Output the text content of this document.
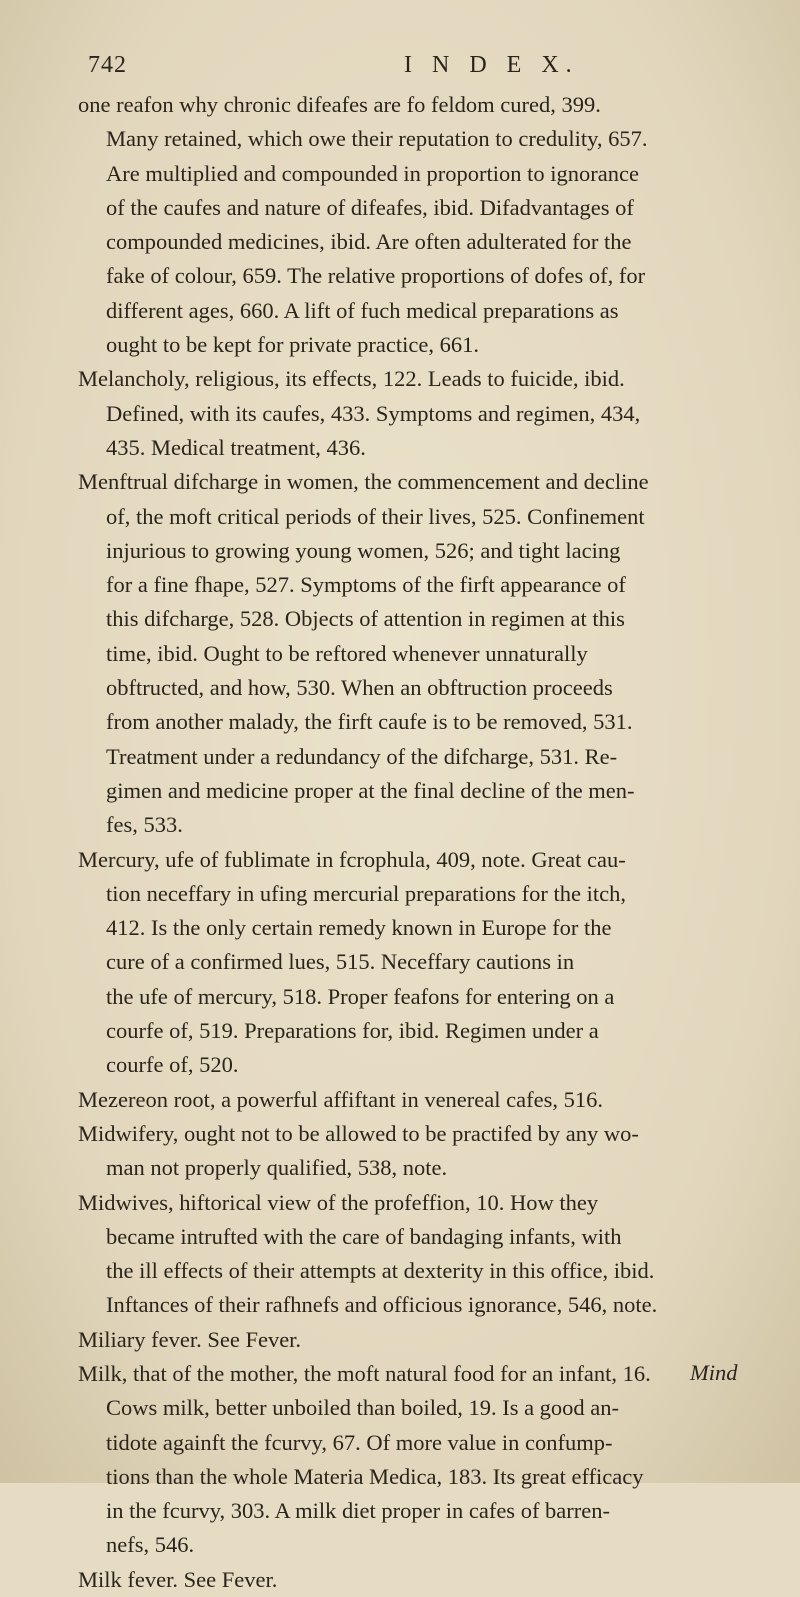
742	I N D E X.

one reafon why chronic difeafes are fo feldom cured, 399.
Many retained, which owe their reputation to credulity, 657.
Are multiplied and compounded in proportion to ignorance
of the caufes and nature of difeafes, ibid. Difadvantages of
compounded medicines, ibid. Are often adulterated for the
fake of colour, 659. The relative proportions of dofes of, for
different ages, 660. A lift of fuch medical preparations as
ought to be kept for private practice, 661.

Melancholy, religious, its effects, 122. Leads to fuicide, ibid.
Defined, with its caufes, 433. Symptoms and regimen, 434,
435. Medical treatment, 436.

Menftrual difcharge in women, the commencement and decline
of, the moft critical periods of their lives, 525. Confinement
injurious to growing young women, 526; and tight lacing
for a fine fhape, 527. Symptoms of the firft appearance of
this difcharge, 528. Objects of attention in regimen at this
time, ibid. Ought to be reftored whenever unnaturally
obftructed, and how, 530. When an obftruction proceeds
from another malady, the firft caufe is to be removed, 531.
Treatment under a redundancy of the difcharge, 531. Re-
gimen and medicine proper at the final decline of the men-
fes, 533.

Mercury, ufe of fublimate in fcrophula, 409, note. Great cau-
tion neceffary in ufing mercurial preparations for the itch,
412. Is the only certain remedy known in Europe for the
cure of a confirmed lues, 515. Neceffary cautions in
the ufe of mercury, 518. Proper feafons for entering on a
courfe of, 519. Preparations for, ibid. Regimen under a
courfe of, 520.

Mezereon root, a powerful affiftant in venereal cafes, 516.

Midwifery, ought not to be allowed to be practifed by any wo-
man not properly qualified, 538, note.

Midwives, hiftorical view of the profeffion, 10. How they
became intrufted with the care of bandaging infants, with
the ill effects of their attempts at dexterity in this office, ibid.
Inftances of their rafhnefs and officious ignorance, 546, note.

Miliary fever. See Fever.

Milk, that of the mother, the moft natural food for an infant, 16.
Cows milk, better unboiled than boiled, 19. Is a good an-
tidote againft the fcurvy, 67. Of more value in confump-
tions than the whole Materia Medica, 183. Its great efficacy
in the fcurvy, 303. A milk diet proper in cafes of barren-
nefs, 546.

Milk fever. See Fever.

Mind
